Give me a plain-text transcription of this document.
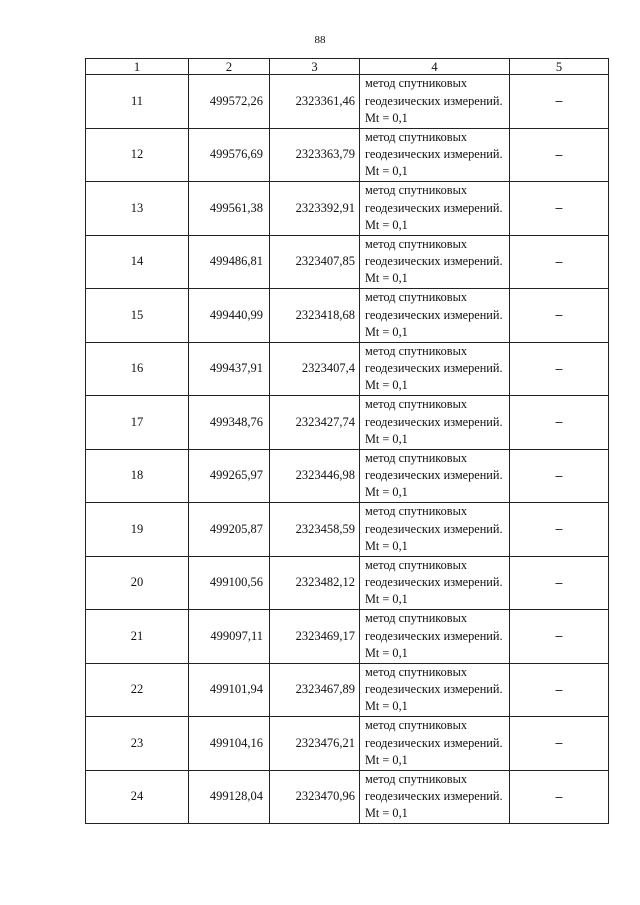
88
1	2	3	4	5
11	499572,26	2323361,46	метод спутниковых геодезических измерений. Mt = 0,1	–
12	499576,69	2323363,79	метод спутниковых геодезических измерений. Mt = 0,1	–
13	499561,38	2323392,91	метод спутниковых геодезических измерений. Mt = 0,1	–
14	499486,81	2323407,85	метод спутниковых геодезических измерений. Mt = 0,1	–
15	499440,99	2323418,68	метод спутниковых геодезических измерений. Mt = 0,1	–
16	499437,91	2323407,4	метод спутниковых геодезических измерений. Mt = 0,1	–
17	499348,76	2323427,74	метод спутниковых геодезических измерений. Mt = 0,1	–
18	499265,97	2323446,98	метод спутниковых геодезических измерений. Mt = 0,1	–
19	499205,87	2323458,59	метод спутниковых геодезических измерений. Mt = 0,1	–
20	499100,56	2323482,12	метод спутниковых геодезических измерений. Mt = 0,1	–
21	499097,11	2323469,17	метод спутниковых геодезических измерений. Mt = 0,1	–
22	499101,94	2323467,89	метод спутниковых геодезических измерений. Mt = 0,1	–
23	499104,16	2323476,21	метод спутниковых геодезических измерений. Mt = 0,1	–
24	499128,04	2323470,96	метод спутниковых геодезических измерений. Mt = 0,1	–
